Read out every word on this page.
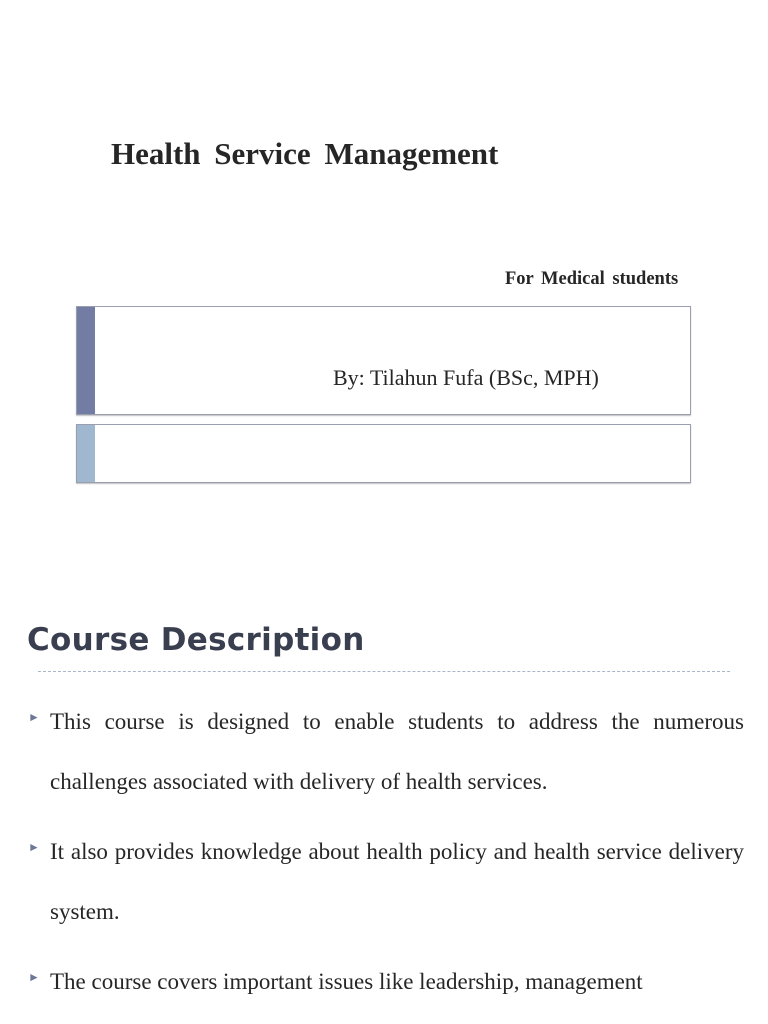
Health Service Management
For Medical students
By: Tilahun Fufa (BSc, MPH)
Course Description
► This course is designed to enable students to address the numerous challenges associated with delivery of health services.
► It also provides knowledge about health policy and health service delivery system.
► The course covers important issues like leadership, management
